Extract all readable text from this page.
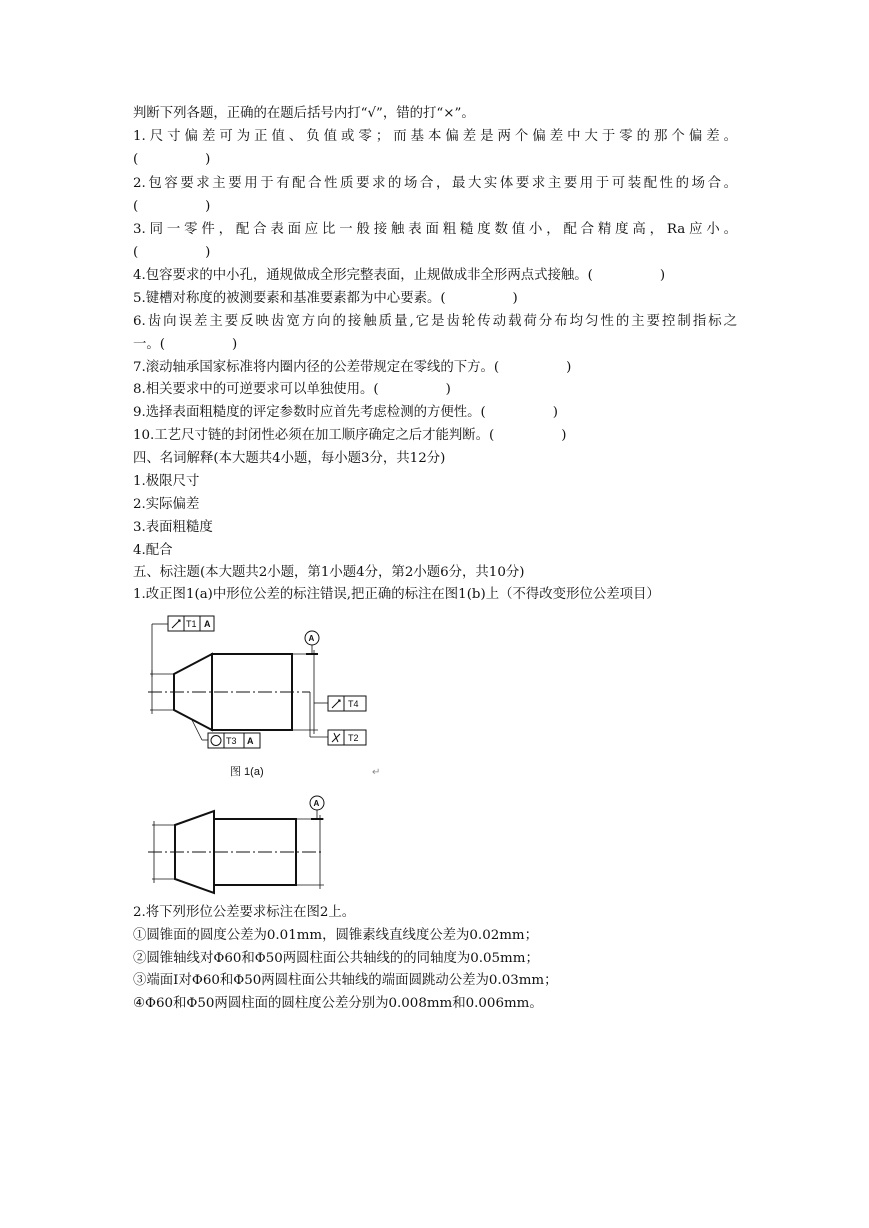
判断下列各题，正确的在题后括号内打“√”，错的打“×”。
1.尺寸偏差可为正值、负值或零；而基本偏差是两个偏差中大于零的那个偏差。
(　　　　　)
2.包容要求主要用于有配合性质要求的场合，最大实体要求主要用于可装配性的场合。
(　　　　　)
3.同一零件，配合表面应比一般接触表面粗糙度数值小，配合精度高，Ra应小。
(　　　　　)
4.包容要求的中小孔，通规做成全形完整表面，止规做成非全形两点式接触。(　　　　　)
5.键槽对称度的被测要素和基准要素都为中心要素。(　　　　　)
6.齿向误差主要反映齿宽方向的接触质量,它是齿轮传动载荷分布均匀性的主要控制指标之
一。(　　　　　)
7.滚动轴承国家标准将内圈内径的公差带规定在零线的下方。(　　　　　)
8.相关要求中的可逆要求可以单独使用。(　　　　　)
9.选择表面粗糙度的评定参数时应首先考虑检测的方便性。(　　　　　)
10.工艺尺寸链的封闭性必须在加工顺序确定之后才能判断。(　　　　　)
四、名词解释(本大题共4小题，每小题3分，共12分)
1.极限尺寸
2.实际偏差
3.表面粗糙度
4.配合
五、标注题(本大题共2小题，第1小题4分，第2小题6分，共10分)
1.改正图1(a)中形位公差的标注错误,把正确的标注在图1(b)上（不得改变形位公差项目）
T1 A
A
T4
T2
T3 A
图 1(a)	↵
A
2.将下列形位公差要求标注在图2上。
①圆锥面的圆度公差为0.01mm，圆锥素线直线度公差为0.02mm；
②圆锥轴线对Φ60和Φ50两圆柱面公共轴线的的同轴度为0.05mm；
③端面Ⅰ对Φ60和Φ50两圆柱面公共轴线的端面圆跳动公差为0.03mm；
④Φ60和Φ50两圆柱面的圆柱度公差分别为0.008mm和0.006mm。
